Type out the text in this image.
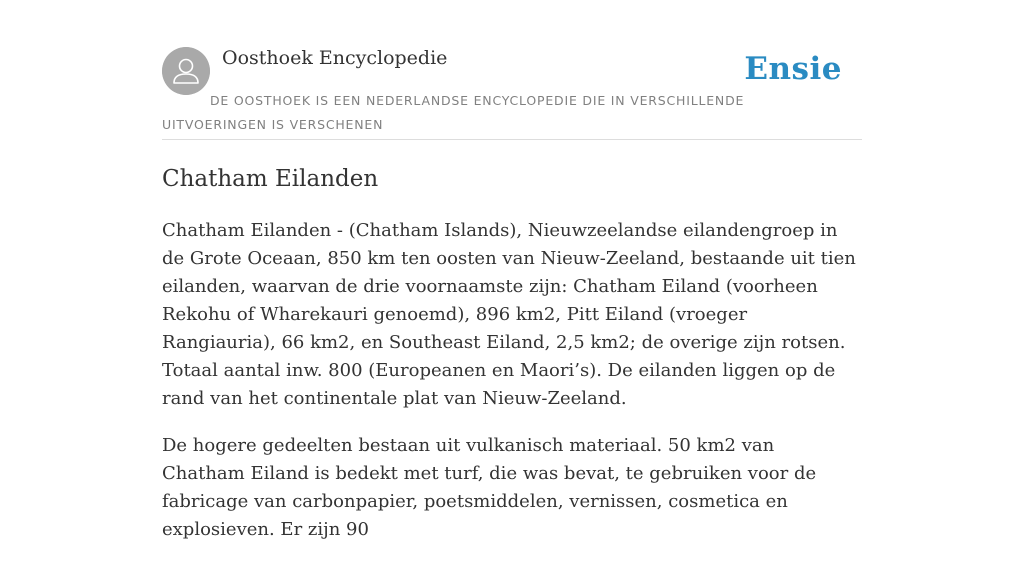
Oosthoek Encyclopedie	Ensie
DE OOSTHOEK IS EEN NEDERLANDSE ENCYCLOPEDIE DIE IN VERSCHILLENDE UITVOERINGEN IS VERSCHENEN
Chatham Eilanden

Chatham Eilanden - (Chatham Islands), Nieuwzeelandse eilandengroep in de Grote Oceaan, 850 km ten oosten van Nieuw-Zeeland, bestaande uit tien eilanden, waarvan de drie voornaamste zijn: Chatham Eiland (voorheen Rekohu of Wharekauri genoemd), 896 km2, Pitt Eiland (vroeger Rangiauria), 66 km2, en Southeast Eiland, 2,5 km2; de overige zijn rotsen. Totaal aantal inw. 800 (Europeanen en Maori’s). De eilanden liggen op de rand van het continentale plat van Nieuw-Zeeland.

De hogere gedeelten bestaan uit vulkanisch materiaal. 50 km2 van Chatham Eiland is bedekt met turf, die was bevat, te gebruiken voor de fabricage van carbonpapier, poetsmiddelen, vernissen, cosmetica en explosieven. Er zijn 90
